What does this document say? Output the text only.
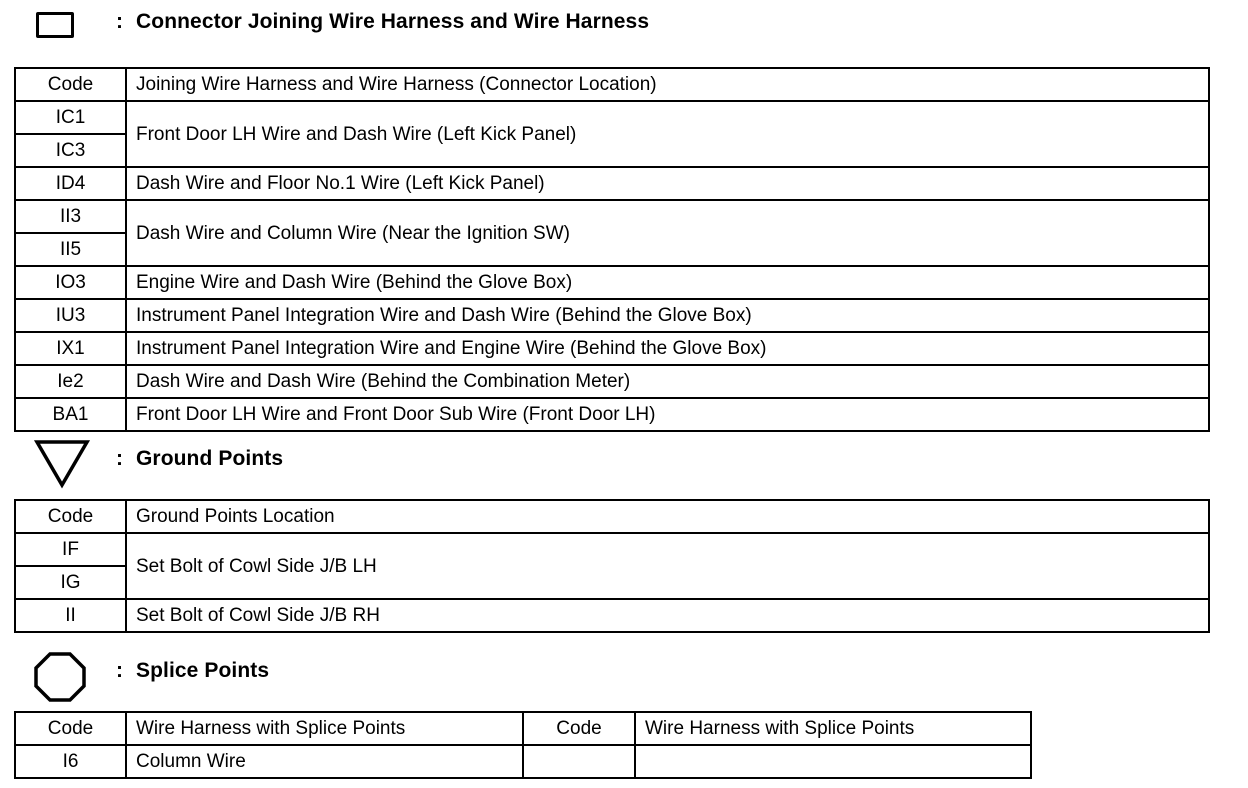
: Connector Joining Wire Harness and Wire Harness
Code	Joining Wire Harness and Wire Harness (Connector Location)
IC1	Front Door LH Wire and Dash Wire (Left Kick Panel)
IC3	
ID4	Dash Wire and Floor No.1 Wire (Left Kick Panel)
II3	Dash Wire and Column Wire (Near the Ignition SW)
II5	
IO3	Engine Wire and Dash Wire (Behind the Glove Box)
IU3	Instrument Panel Integration Wire and Dash Wire (Behind the Glove Box)
IX1	Instrument Panel Integration Wire and Engine Wire (Behind the Glove Box)
Ie2	Dash Wire and Dash Wire (Behind the Combination Meter)
BA1	Front Door LH Wire and Front Door Sub Wire (Front Door LH)
: Ground Points
Code	Ground Points Location
IF	Set Bolt of Cowl Side J/B LH
IG	
II	Set Bolt of Cowl Side J/B RH
: Splice Points
Code	Wire Harness with Splice Points	Code	Wire Harness with Splice Points
I6	Column Wire		
